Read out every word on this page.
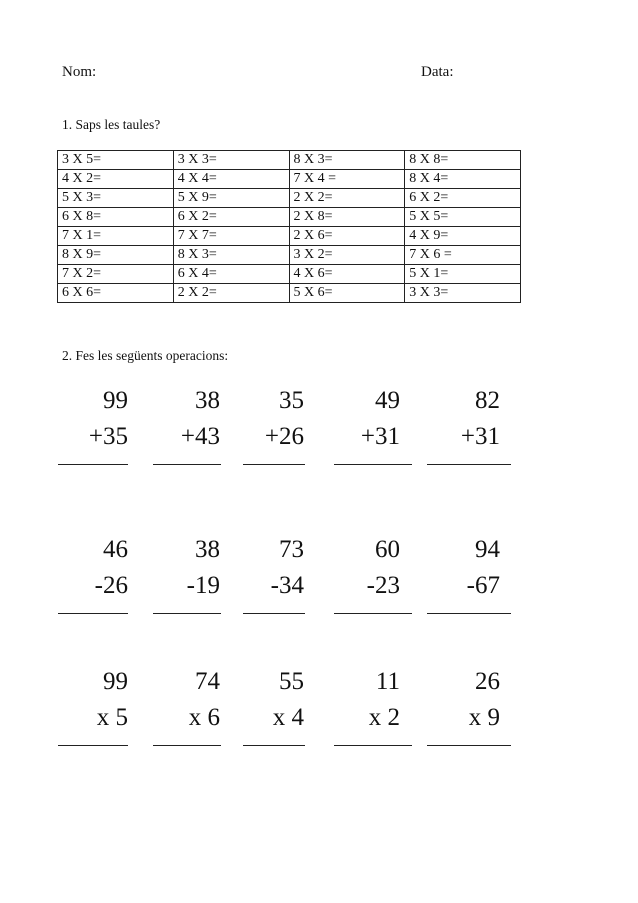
Nom:	Data:
1. Saps les taules?
3 X 5=	3 X 3=	8 X 3=	8 X 8=
4 X 2=	4 X 4=	7 X 4 =	8 X 4=
5 X 3=	5 X 9=	2 X 2=	6 X 2=
6 X 8=	6 X 2=	2 X 8=	5 X 5=
7 X 1=	7 X 7=	2 X 6=	4 X 9=
8 X 9=	8 X 3=	3 X 2=	7 X 6 =
7 X 2=	6 X 4=	4 X 6=	5 X 1=
6 X 6=	2 X 2=	5 X 6=	3 X 3=
2. Fes les següents operacions:
99
+35
38
+43
35
+26
49
+31
82
+31
46
-26
38
-19
73
-34
60
-23
94
-67
99
x 5
74
x 6
55
x 4
11
x 2
26
x 9
